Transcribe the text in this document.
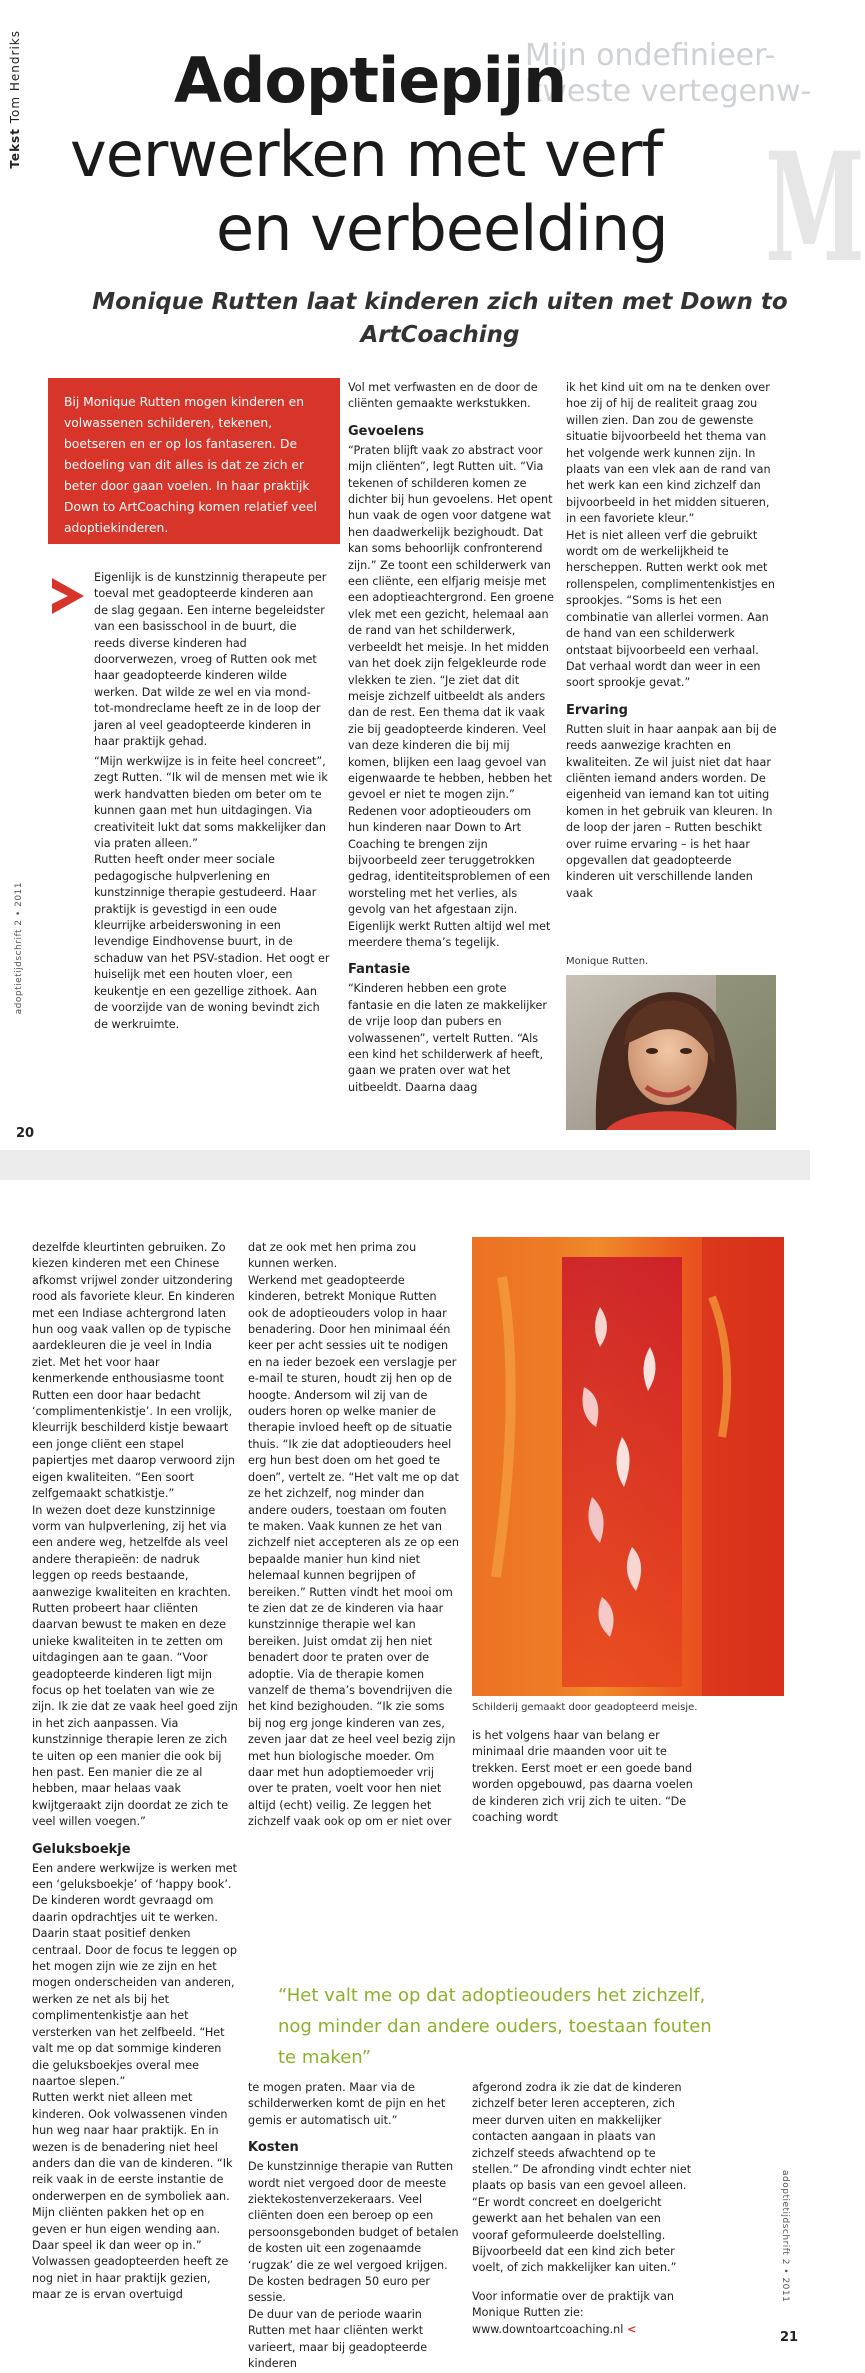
Tekst Tom Hendriks	Mijn ondefinieer-
kweste vertegenw-
M
Adoptiepijn
verwerken met verf
en verbeelding
Monique Rutten laat kinderen zich uiten met Down to ArtCoaching
Bij Monique Rutten mogen kinderen en volwassenen schilderen, tekenen, boetseren en er op los fantaseren. De bedoeling van dit alles is dat ze zich er beter door gaan voelen. In haar praktijk Down to ArtCoaching komen relatief veel adoptiekinderen.

Eigenlijk is de kunstzinnig therapeute per toeval met geadopteerde kinderen aan de slag gegaan. Een interne begeleidster van een basisschool in de buurt, die reeds diverse kinderen had doorverwezen, vroeg of Rutten ook met haar geadopteerde kinderen wilde werken. Dat wilde ze wel en via mond-tot-mondreclame heeft ze in de loop der jaren al veel geadopteerde kinderen in haar praktijk gehad.

“Mijn werkwijze is in feite heel concreet”, zegt Rutten. “Ik wil de mensen met wie ik werk handvatten bieden om beter om te kunnen gaan met hun uitdagingen. Via creativiteit lukt dat soms makkelijker dan via praten alleen.”

Rutten heeft onder meer sociale pedagogische hulpverlening en kunstzinnige therapie gestudeerd. Haar praktijk is gevestigd in een oude kleurrijke arbeiderswoning in een levendige Eindhovense buurt, in de schaduw van het PSV-stadion. Het oogt er huiselijk met een houten vloer, een keukentje en een gezellige zithoek. Aan de voorzijde van de woning bevindt zich de werkruimte.

Vol met verfwasten en de door de cliënten gemaakte werkstukken.

Gevoelens

“Praten blijft vaak zo abstract voor mijn cliënten”, legt Rutten uit. “Via tekenen of schilderen komen ze dichter bij hun gevoelens. Het opent hun vaak de ogen voor datgene wat hen daadwerkelijk bezighoudt. Dat kan soms behoorlijk confronterend zijn.” Ze toont een schilderwerk van een cliënte, een elfjarig meisje met een adoptieachtergrond. Een groene vlek met een gezicht, helemaal aan de rand van het schilderwerk, verbeeldt het meisje. In het midden van het doek zijn felgekleurde rode vlekken te zien. “Je ziet dat dit meisje zichzelf uitbeeldt als anders dan de rest. Een thema dat ik vaak zie bij geadopteerde kinderen. Veel van deze kinderen die bij mij komen, blijken een laag gevoel van eigenwaarde te hebben, hebben het gevoel er niet te mogen zijn.”

Redenen voor adoptieouders om hun kinderen naar Down to Art Coaching te brengen zijn bijvoorbeeld zeer teruggetrokken gedrag, identiteitsproblemen of een worsteling met het verlies, als gevolg van het afgestaan zijn. Eigenlijk werkt Rutten altijd wel met meerdere thema’s tegelijk.

Fantasie

“Kinderen hebben een grote fantasie en die laten ze makkelijker de vrije loop dan pubers en volwassenen”, vertelt Rutten. “Als een kind het schilderwerk af heeft, gaan we praten over wat het uitbeeldt. Daarna daag

ik het kind uit om na te denken over hoe zij of hij de realiteit graag zou willen zien. Dan zou de gewenste situatie bijvoorbeeld het thema van het volgende werk kunnen zijn. In plaats van een vlek aan de rand van het werk kan een kind zichzelf dan bijvoorbeeld in het midden situeren, in een favoriete kleur.”

Het is niet alleen verf die gebruikt wordt om de werkelijkheid te herscheppen. Rutten werkt ook met rollenspelen, complimentenkistjes en sprookjes. “Soms is het een combinatie van allerlei vormen. Aan de hand van een schilderwerk ontstaat bijvoorbeeld een verhaal. Dat verhaal wordt dan weer in een soort sprookje gevat.”

Ervaring

Rutten sluit in haar aanpak aan bij de reeds aanwezige krachten en kwaliteiten. Ze wil juist niet dat haar cliënten iemand anders worden. De eigenheid van iemand kan tot uiting komen in het gebruik van kleuren. In de loop der jaren – Rutten beschikt over ruime ervaring – is het haar opgevallen dat geadopteerde kinderen uit verschillende landen vaak

Monique Rutten.
adoptietijdschrift 2 • 2011
20

dezelfde kleurtinten gebruiken. Zo kiezen kinderen met een Chinese afkomst vrijwel zonder uitzondering rood als favoriete kleur. En kinderen met een Indiase achtergrond laten hun oog vaak vallen op de typische aardekleuren die je veel in India ziet. Met het voor haar kenmerkende enthousiasme toont Rutten een door haar bedacht ‘complimentenkistje’. In een vrolijk, kleurrijk beschilderd kistje bewaart een jonge cliënt een stapel papiertjes met daarop verwoord zijn eigen kwaliteiten. “Een soort zelfgemaakt schatkistje.”

In wezen doet deze kunstzinnige vorm van hulpverlening, zij het via een andere weg, hetzelfde als veel andere therapieën: de nadruk leggen op reeds bestaande, aanwezige kwaliteiten en krachten. Rutten probeert haar cliënten daarvan bewust te maken en deze unieke kwaliteiten in te zetten om uitdagingen aan te gaan. “Voor geadopteerde kinderen ligt mijn focus op het toelaten van wie ze zijn. Ik zie dat ze vaak heel goed zijn in het zich aanpassen. Via kunstzinnige therapie leren ze zich te uiten op een manier die ook bij hen past. Een manier die ze al hebben, maar helaas vaak kwijtgeraakt zijn doordat ze zich te veel willen voegen.”

Geluksboekje

Een andere werkwijze is werken met een ‘geluksboekje’ of ‘happy book’. De kinderen wordt gevraagd om daarin opdrachtjes uit te werken. Daarin staat positief denken centraal. Door de focus te leggen op het mogen zijn wie ze zijn en het mogen onderscheiden van anderen, werken ze net als bij het complimentenkistje aan het versterken van het zelfbeeld. “Het valt me op dat sommige kinderen die geluksboekjes overal mee naartoe slepen.”

Rutten werkt niet alleen met kinderen. Ook volwassenen vinden hun weg naar haar praktijk. En in wezen is de benadering niet heel anders dan die van de kinderen. “Ik reik vaak in de eerste instantie de onderwerpen en de symboliek aan. Mijn cliënten pakken het op en geven er hun eigen wending aan. Daar speel ik dan weer op in.” Volwassen geadopteerden heeft ze nog niet in haar praktijk gezien, maar ze is ervan overtuigd

dat ze ook met hen prima zou kunnen werken.

Werkend met geadopteerde kinderen, betrekt Monique Rutten ook de adoptieouders volop in haar benadering. Door hen minimaal één keer per acht sessies uit te nodigen en na ieder bezoek een verslagje per e-mail te sturen, houdt zij hen op de hoogte. Andersom wil zij van de ouders horen op welke manier de therapie invloed heeft op de situatie thuis. “Ik zie dat adoptieouders heel erg hun best doen om het goed te doen”, vertelt ze. “Het valt me op dat ze het zichzelf, nog minder dan andere ouders, toestaan om fouten te maken. Vaak kunnen ze het van zichzelf niet accepteren als ze op een bepaalde manier hun kind niet helemaal kunnen begrijpen of bereiken.” Rutten vindt het mooi om te zien dat ze de kinderen via haar kunstzinnige therapie wel kan bereiken. Juist omdat zij hen niet benadert door te praten over de adoptie. Via de therapie komen vanzelf de thema’s bovendrijven die het kind bezighouden. “Ik zie soms bij nog erg jonge kinderen van zes, zeven jaar dat ze heel veel bezig zijn met hun biologische moeder. Om daar met hun adoptiemoeder vrij over te praten, voelt voor hen niet altijd (echt) veilig. Ze leggen het zichzelf vaak ook op om er niet over

Schilderij gemaakt door geadopteerd meisje.

is het volgens haar van belang er minimaal drie maanden voor uit te trekken. Eerst moet er een goede band worden opgebouwd, pas daarna voelen de kinderen zich vrij zich te uiten. “De coaching wordt

“Het valt me op dat adoptieouders het zichzelf, nog minder dan andere ouders, toestaan fouten te maken”

te mogen praten. Maar via de schilderwerken komt de pijn en het gemis er automatisch uit.”

Kosten

De kunstzinnige therapie van Rutten wordt niet vergoed door de meeste ziektekostenverzekeraars. Veel cliënten doen een beroep op een persoonsgebonden budget of betalen de kosten uit een zogenaamde ‘rugzak’ die ze wel vergoed krijgen. De kosten bedragen 50 euro per sessie.

De duur van de periode waarin Rutten met haar cliënten werkt varieert, maar bij geadopteerde kinderen

afgerond zodra ik zie dat de kinderen zichzelf beter leren accepteren, zich meer durven uiten en makkelijker contacten aangaan in plaats van zichzelf steeds afwachtend op te stellen.” De afronding vindt echter niet plaats op basis van een gevoel alleen. “Er wordt concreet en doelgericht gewerkt aan het behalen van een vooraf geformuleerde doelstelling. Bijvoorbeeld dat een kind zich beter voelt, of zich makkelijker kan uiten.”

Voor informatie over de praktijk van Monique Rutten zie:

www.downtoartcoaching.nl <

adoptietijdschrift 2 • 2011
21
